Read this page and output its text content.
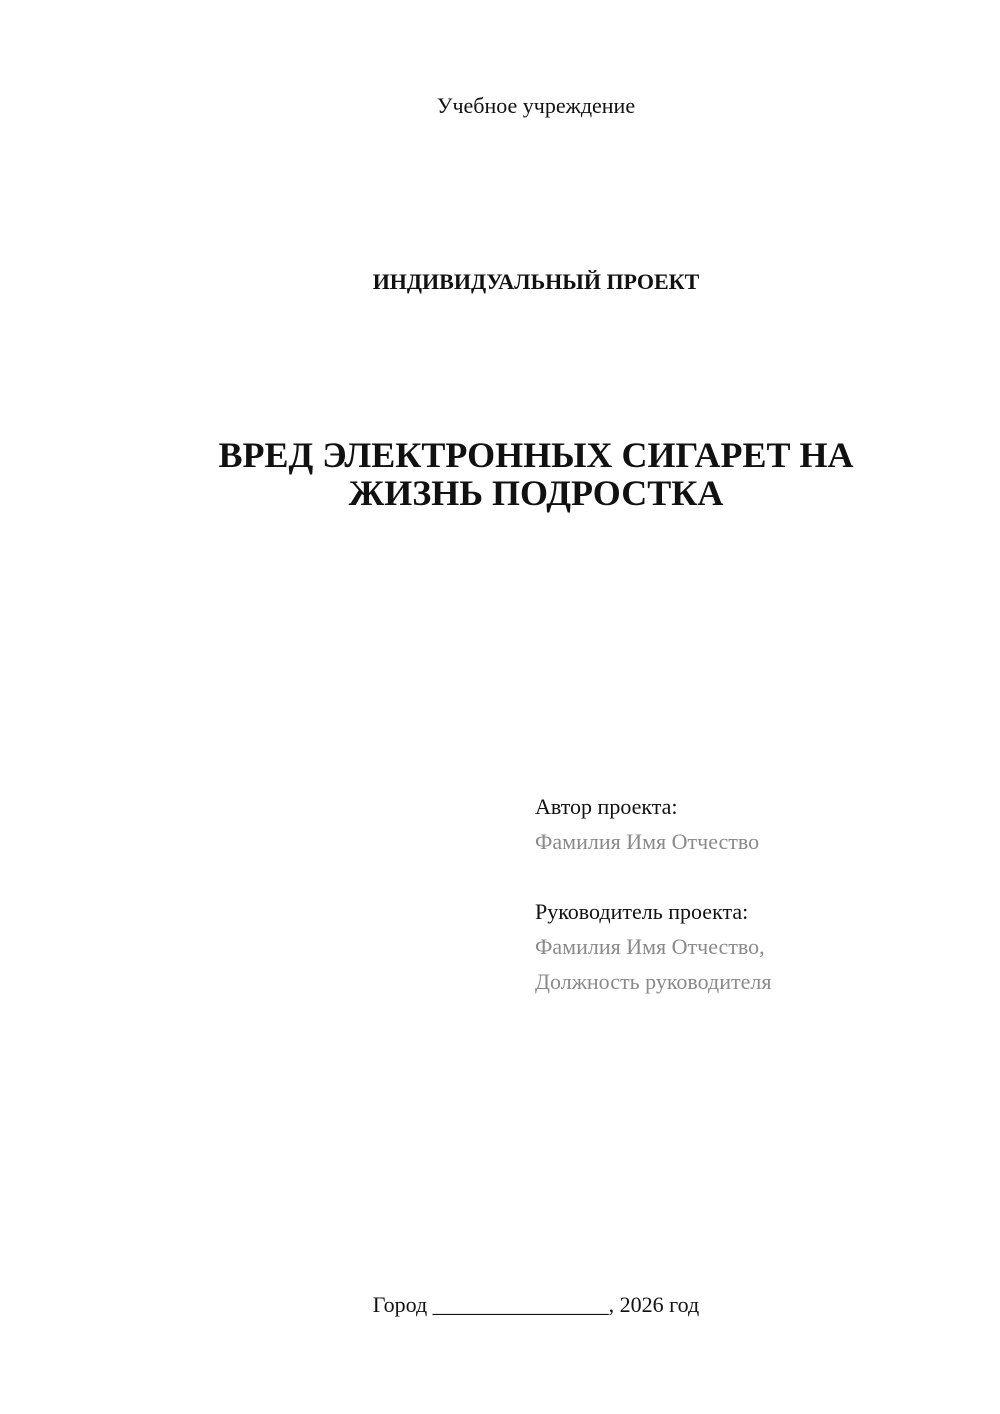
Учебное учреждение
ИНДИВИДУАЛЬНЫЙ ПРОЕКТ
ВРЕД ЭЛЕКТРОННЫХ СИГАРЕТ НА
ЖИЗНЬ ПОДРОСТКА
Автор проекта:
Фамилия Имя Отчество
Руководитель проекта:
Фамилия Имя Отчество,
Должность руководителя
Город ________________, 2026 год
